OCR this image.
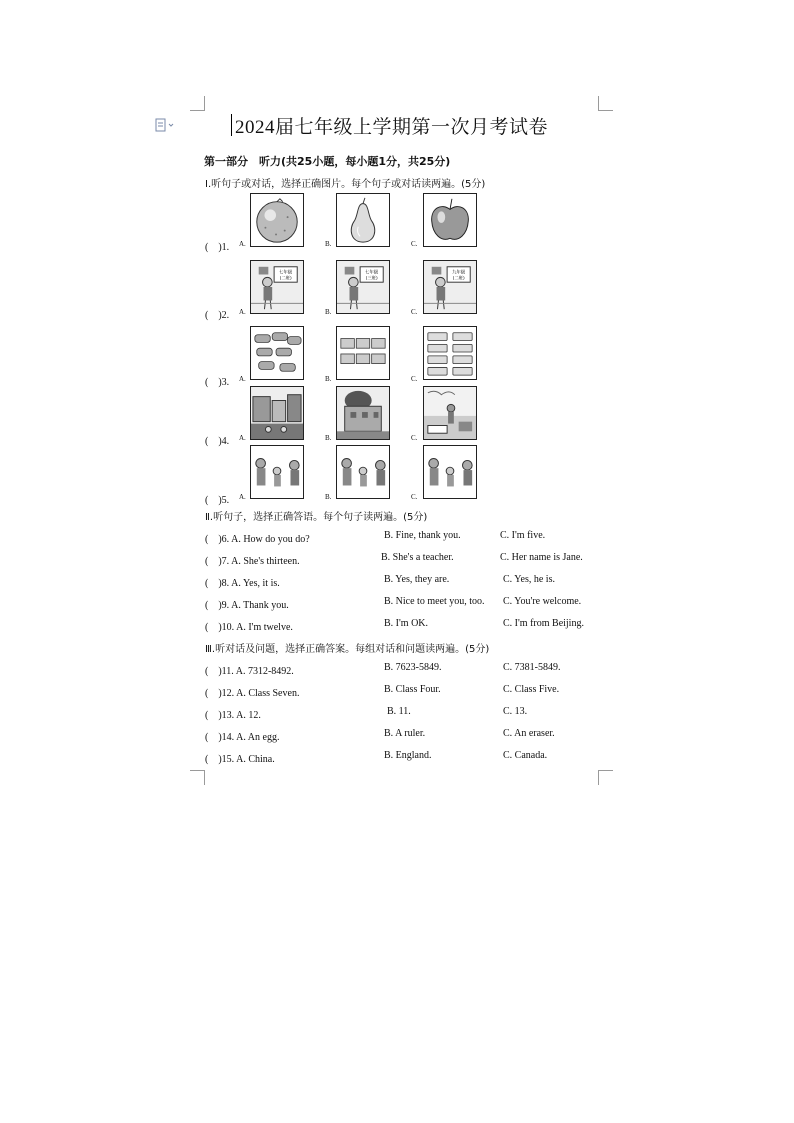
2024届七年级上学期第一次月考试卷
第一部分　听力(共25小题，每小题1分，共25分)
Ⅰ.听句子或对话，选择正确图片。每个句子或对话读两遍。(5分)
(　)1. A.	B.	C.
(　)2. A.	B.	C.
七年级
(二班)
七年级
(三班)
九年级
(二班)
(　)3. A.	B.	C.
(　)4. A.	B.	C.
(　)5. A.	B.	C.
Ⅱ.听句子，选择正确答语。每个句子读两遍。(5分)
(　)6. A. How do you do?	B. Fine, thank you.	C. I'm five.
(　)7. A. She's thirteen.	B. She's a teacher.	C. Her name is Jane.
(　)8. A. Yes, it is.	B. Yes, they are.	C. Yes, he is.
(　)9. A. Thank you.	B. Nice to meet you, too. C. You're welcome.
(　)10. A. I'm twelve.	B. I'm OK.	C. I'm from Beijing.
Ⅲ.听对话及问题，选择正确答案。每组对话和问题读两遍。(5分)
(　)11. A. 7312-8492.	B. 7623-5849.	C. 7381-5849.
(　)12. A. Class Seven.	B. Class Four.	C. Class Five.
(　)13. A. 12.	B. 11.	C. 13.
(　)14. A. An egg.	B. A ruler.	C. An eraser.
(　)15. A. China.	B. England.	C. Canada.
